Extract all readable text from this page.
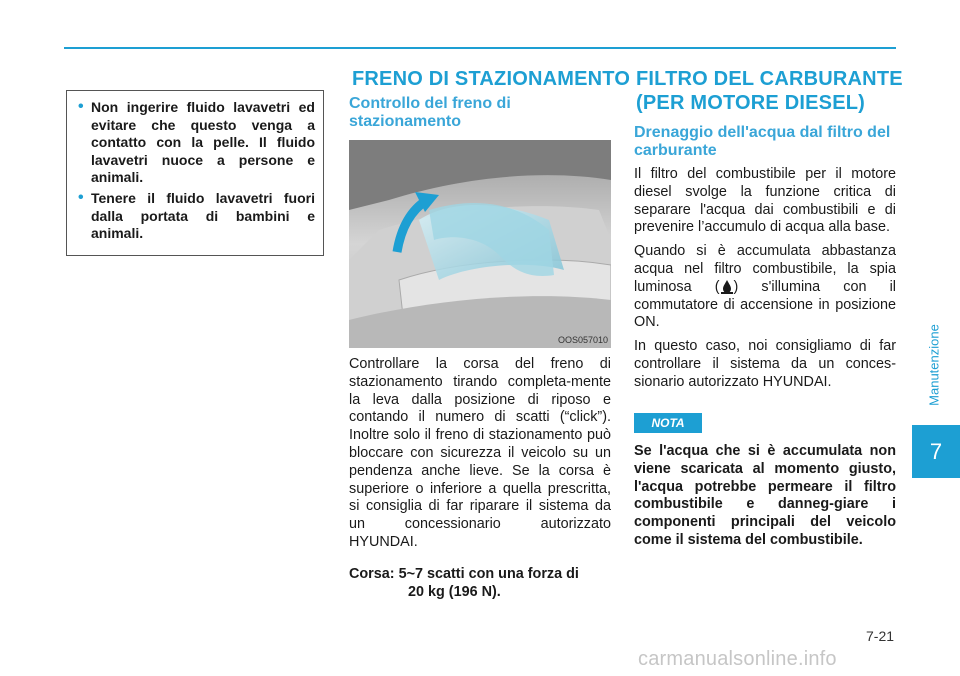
• Non ingerire fluido lavavetri ed evitare che questo venga a contatto con la pelle. Il fluido lavavetri nuoce a persone e animali.
• Tenere il fluido lavavetri fuori dalla portata di bambini e animali.
FRENO DI STAZIONAMENTO
Controllo del freno di stazionamento
OOS057010

Controllare la corsa del freno di stazionamento tirando completa-mente la leva dalla posizione di riposo e contando il numero di scatti (“click”). Inoltre solo il freno di stazionamento può bloccare con sicurezza il veicolo su un pendenza anche lieve. Se la corsa è superiore o inferiore a quella prescritta, si consiglia di far riparare il sistema da un concessionario autorizzato HYUNDAI.

Corsa: 5~7 scatti con una forza di

20 kg (196 N).

FILTRO DEL CARBURANTE
(PER MOTORE DIESEL)
Drenaggio dell'acqua dal filtro del carburante

Il filtro del combustibile per il motore diesel svolge la funzione critica di separare l'acqua dai combustibili e di prevenire l’accumulo di acqua alla base.

Quando si è accumulata abbastanza acqua nel filtro combustibile, la spia luminosa ( ) s'illumina con il commutatore di accensione in posizione ON.

In questo caso, noi consigliamo di far controllare il sistema da un conces-sionario autorizzato HYUNDAI.

NOTA
Se l'acqua che si è accumulata non viene scaricata al momento giusto, l'acqua potrebbe permeare il filtro combustibile e danneg-giare i componenti principali del veicolo come il sistema del combustibile.
Manutenzione
7
7-21
carmanualsonline.info
